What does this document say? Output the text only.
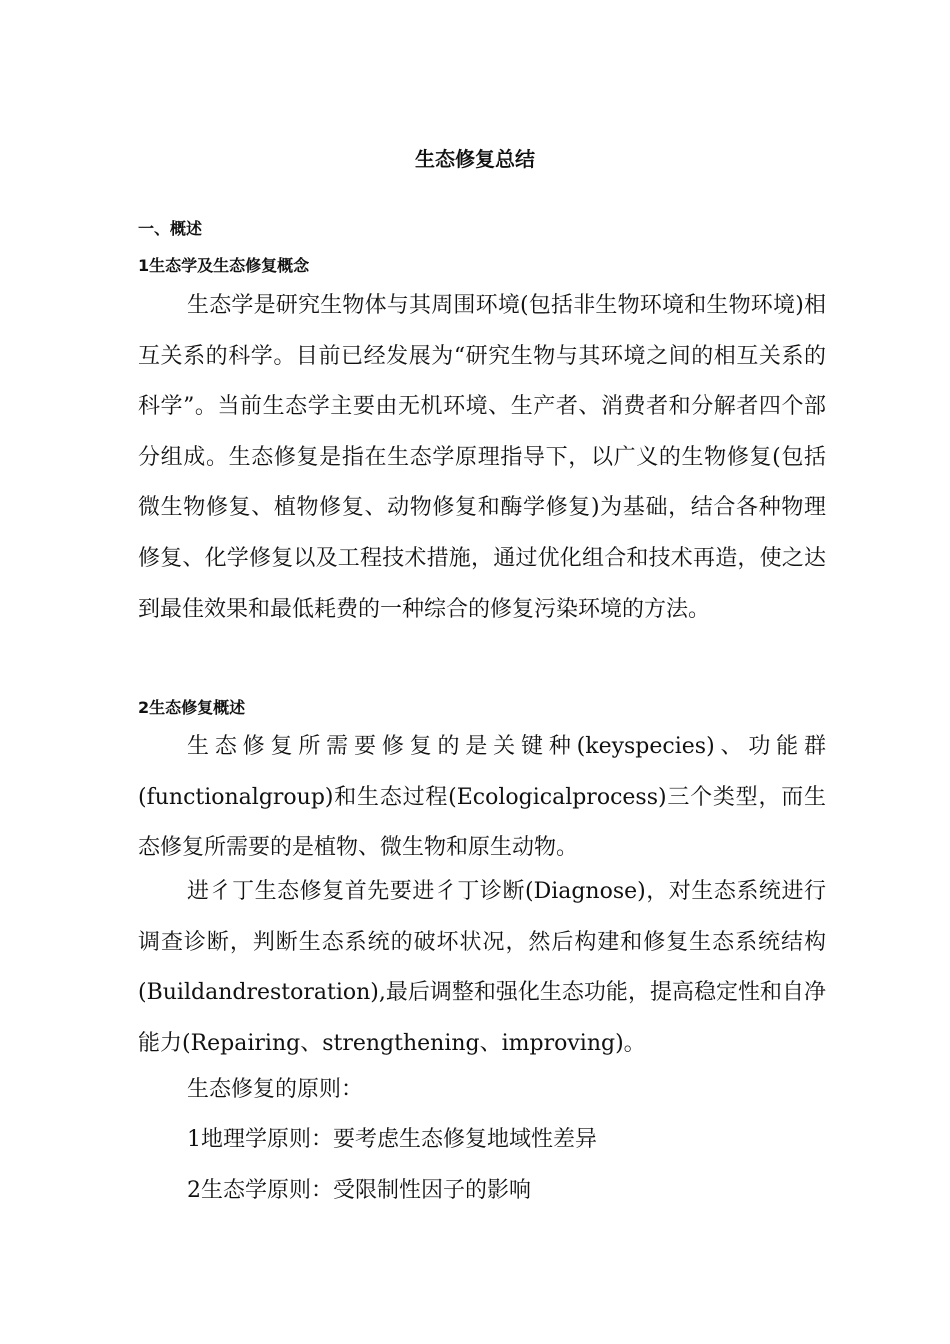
生态修复总结
一、概述
1生态学及生态修复概念

生态学是研究生物体与其周围环境(包括非生物环境和生物环境)相互关系的科学。目前已经发展为“研究生物与其环境之间的相互关系的科学”。当前生态学主要由无机环境、生产者、消费者和分解者四个部分组成。生态修复是指在生态学原理指导下，以广义的生物修复(包括微生物修复、植物修复、动物修复和酶学修复)为基础，结合各种物理修复、化学修复以及工程技术措施，通过优化组合和技术再造，使之达到最佳效果和最低耗费的一种综合的修复污染环境的方法。

2生态修复概述

生态修复所需要修复的是关键种(keyspecies)、功能群 (functionalgroup)和生态过程(Ecologicalprocess)三个类型，而生态修复所需要的是植物、微生物和原生动物。

进彳丁生态修复首先要进彳丁诊断(Diagnose)，对生态系统进行调查诊断，判断生态系统的破坏状况，然后构建和修复生态系统结构(Buildandrestoration),最后调整和强化生态功能，提高稳定性和自净能力(Repairing、strengthening、improving)。

生态修复的原则：
1地理学原则：要考虑生态修复地域性差异
2生态学原则：受限制性因子的影响
